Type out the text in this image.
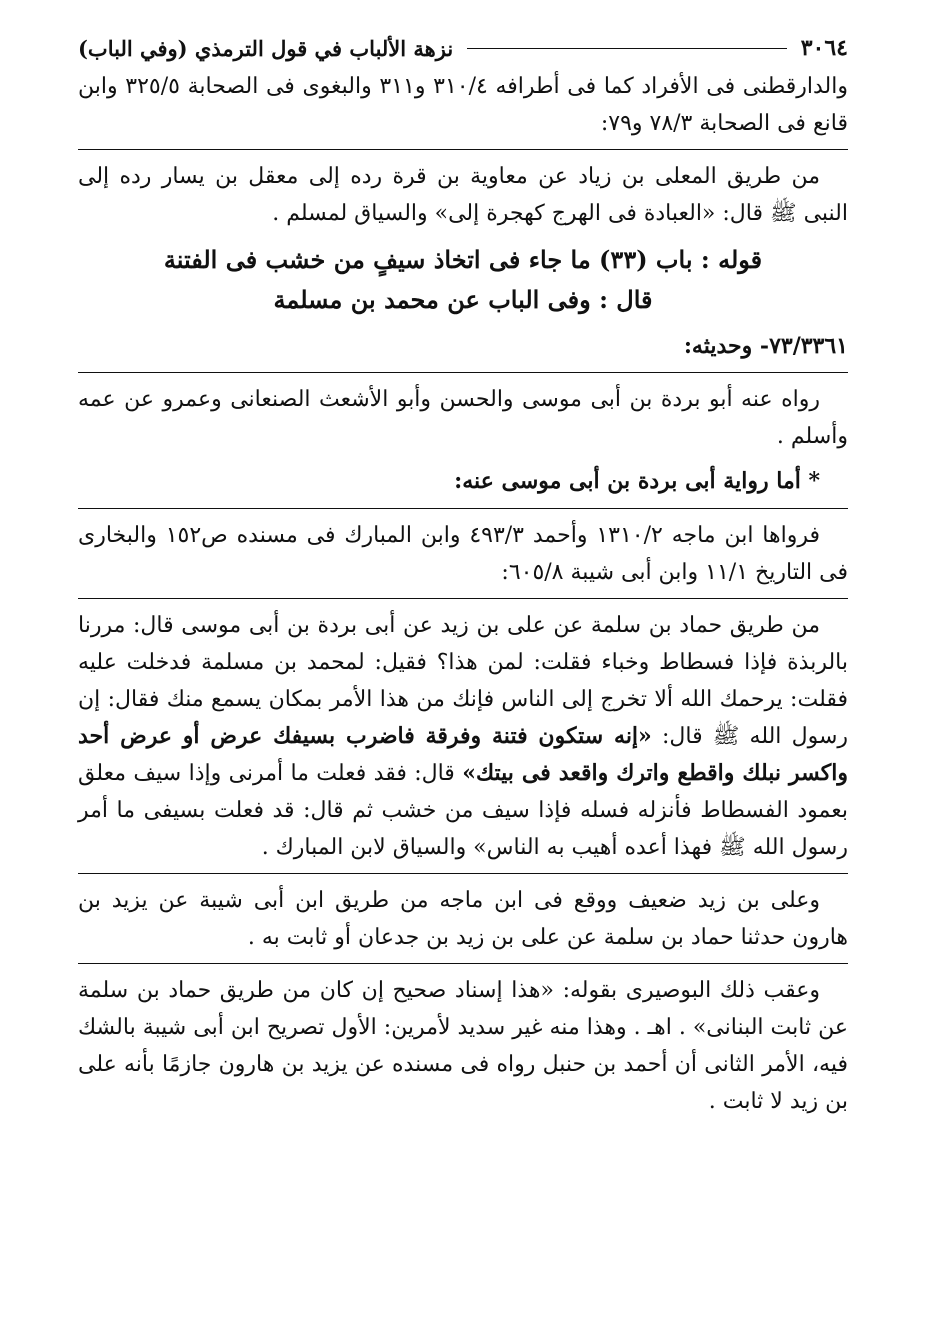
٣٠٦٤
نزهة الألباب في قول الترمذي (وفي الباب)

والدارقطنى فى الأفراد كما فى أطرافه ٣١٠/٤ و٣١١ والبغوى فى الصحابة ٣٢٥/٥ وابن قانع فى الصحابة ٧٨/٣ و٧٩:

من طريق المعلى بن زياد عن معاوية بن قرة رده إلى معقل بن يسار رده إلى النبى ﷺ قال: «العبادة فى الهرج كهجرة إلى» والسياق لمسلم .

قوله : باب (٣٣) ما جاء فى اتخاذ سيفٍ من خشب فى الفتنة

قال : وفى الباب عن محمد بن مسلمة

٧٣/٣٣٦١- وحديثه:

رواه عنه أبو بردة بن أبى موسى والحسن وأبو الأشعث الصنعانى وعمرو عن عمه وأسلم .

* أما رواية أبى بردة بن أبى موسى عنه:

فرواها ابن ماجه ١٣١٠/٢ وأحمد ٤٩٣/٣ وابن المبارك فى مسنده ص١٥٢ والبخارى فى التاريخ ١١/١ وابن أبى شيبة ٦٠٥/٨:

من طريق حماد بن سلمة عن على بن زيد عن أبى بردة بن أبى موسى قال: مررنا بالربذة فإذا فسطاط وخباء فقلت: لمن هذا؟ فقيل: لمحمد بن مسلمة فدخلت عليه فقلت: يرحمك الله ألا تخرج إلى الناس فإنك من هذا الأمر بمكان يسمع منك فقال: إن رسول الله ﷺ قال: «إنه ستكون فتنة وفرقة فاضرب بسيفك عرض أو عرض أحد واكسر نبلك واقطع واترك واقعد فى بيتك» قال: فقد فعلت ما أمرنى وإذا سيف معلق بعمود الفسطاط فأنزله فسله فإذا سيف من خشب ثم قال: قد فعلت بسيفى ما أمر رسول الله ﷺ فهذا أعده أهيب به الناس» والسياق لابن المبارك .

وعلى بن زيد ضعيف ووقع فى ابن ماجه من طريق ابن أبى شيبة عن يزيد بن هارون حدثنا حماد بن سلمة عن على بن زيد بن جدعان أو ثابت به .

وعقب ذلك البوصيرى بقوله: «هذا إسناد صحيح إن كان من طريق حماد بن سلمة عن ثابت البنانى» . اهـ . وهذا منه غير سديد لأمرين: الأول تصريح ابن أبى شيبة بالشك فيه، الأمر الثانى أن أحمد بن حنبل رواه فى مسنده عن يزيد بن هارون جازمًا بأنه على بن زيد لا ثابت .
